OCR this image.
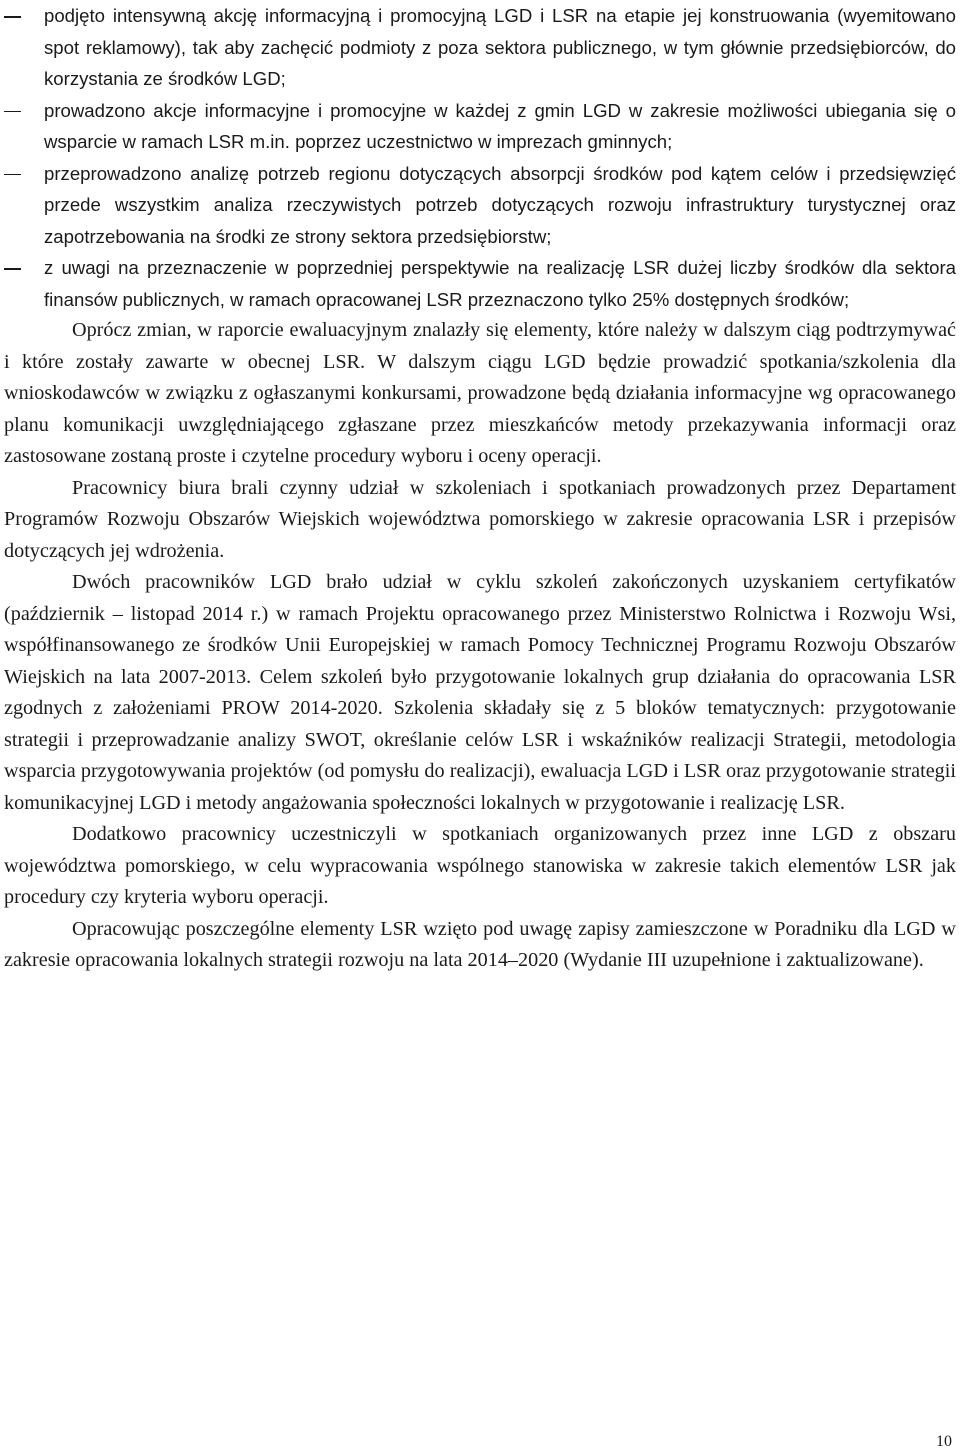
podjęto intensywną akcję informacyjną i promocyjną LGD i LSR na etapie jej konstruowania (wyemitowano spot reklamowy), tak aby zachęcić podmioty z poza sektora publicznego, w tym głównie przedsiębiorców, do korzystania ze środków LGD;
prowadzono akcje informacyjne i promocyjne w każdej z gmin LGD w zakresie możliwości ubiegania się o wsparcie w ramach LSR m.in. poprzez uczestnictwo w imprezach gminnych;
przeprowadzono analizę potrzeb regionu dotyczących absorpcji środków pod kątem celów i przedsięwzięć przede wszystkim analiza rzeczywistych potrzeb dotyczących rozwoju infrastruktury turystycznej oraz zapotrzebowania na środki ze strony sektora przedsiębiorstw;
z uwagi na przeznaczenie w poprzedniej perspektywie na realizację LSR dużej liczby środków dla sektora finansów publicznych, w ramach opracowanej LSR przeznaczono tylko 25% dostępnych środków;

Oprócz zmian, w raporcie ewaluacyjnym znalazły się elementy, które należy w dalszym ciąg podtrzymywać i które zostały zawarte w obecnej LSR. W dalszym ciągu LGD będzie prowadzić spotkania/szkolenia dla wnioskodawców w związku z ogłaszanymi konkursami, prowadzone będą działania informacyjne wg opracowanego planu komunikacji uwzględniającego zgłaszane przez mieszkańców metody przekazywania informacji oraz zastosowane zostaną proste i czytelne procedury wyboru i oceny operacji.

Pracownicy biura brali czynny udział w szkoleniach i spotkaniach prowadzonych przez Departament Programów Rozwoju Obszarów Wiejskich województwa pomorskiego w zakresie opracowania LSR i przepisów dotyczących jej wdrożenia.

Dwóch pracowników LGD brało udział w cyklu szkoleń zakończonych uzyskaniem certyfikatów (październik – listopad 2014 r.) w ramach Projektu opracowanego przez Ministerstwo Rolnictwa i Rozwoju Wsi, współfinansowanego ze środków Unii Europejskiej w ramach Pomocy Technicznej Programu Rozwoju Obszarów Wiejskich na lata 2007-2013. Celem szkoleń było przygotowanie lokalnych grup działania do opracowania LSR zgodnych z założeniami PROW 2014-2020. Szkolenia składały się z 5 bloków tematycznych: przygotowanie strategii i przeprowadzanie analizy SWOT, określanie celów LSR i wskaźników realizacji Strategii, metodologia wsparcia przygotowywania projektów (od pomysłu do realizacji), ewaluacja LGD i LSR oraz przygotowanie strategii komunikacyjnej LGD i metody angażowania społeczności lokalnych w przygotowanie i realizację LSR.

Dodatkowo pracownicy uczestniczyli w spotkaniach organizowanych przez inne LGD z obszaru województwa pomorskiego, w celu wypracowania wspólnego stanowiska w zakresie takich elementów LSR jak procedury czy kryteria wyboru operacji.

Opracowując poszczególne elementy LSR wzięto pod uwagę zapisy zamieszczone w Poradniku dla LGD w zakresie opracowania lokalnych strategii rozwoju na lata 2014–2020 (Wydanie III uzupełnione i zaktualizowane).

10
